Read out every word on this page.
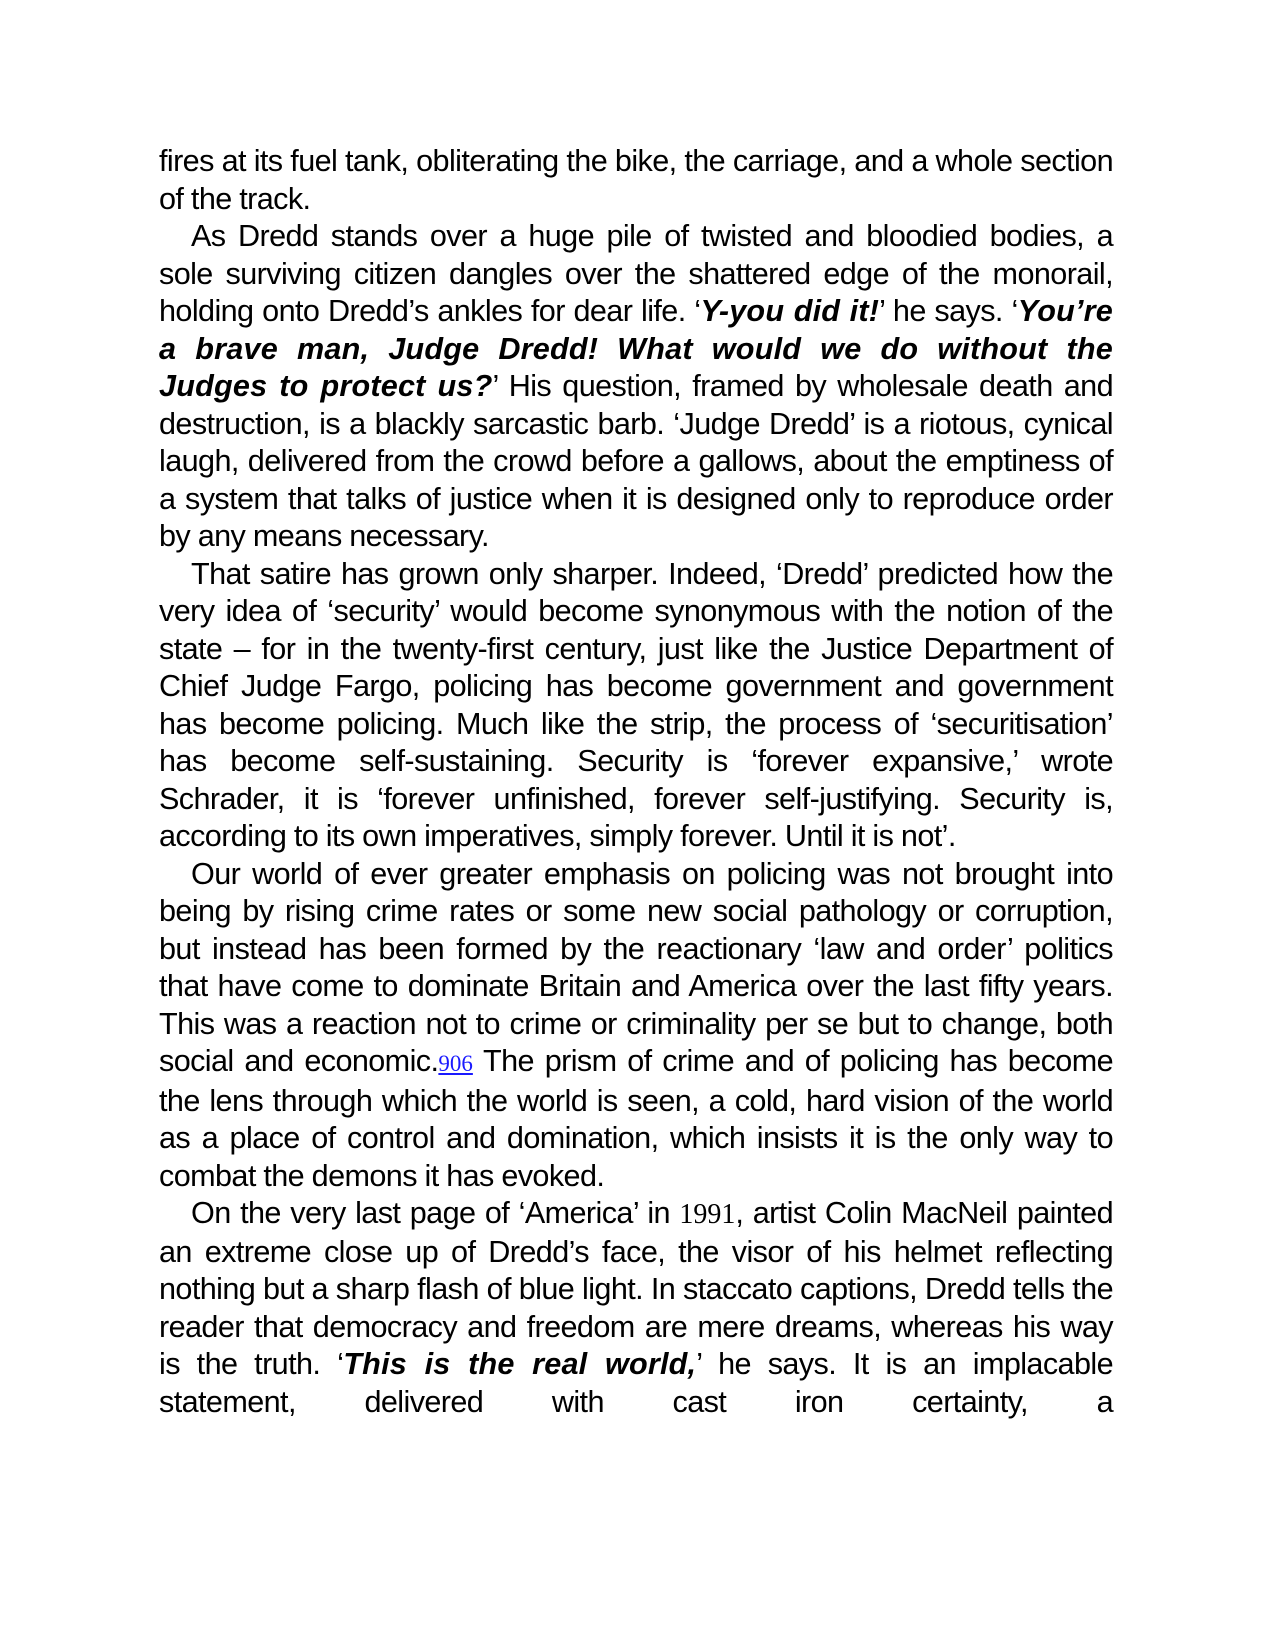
fires at its fuel tank, obliterating the bike, the carriage, and a whole section of the track.

As Dredd stands over a huge pile of twisted and bloodied bodies, a sole surviving citizen dangles over the shattered edge of the monorail, holding onto Dredd’s ankles for dear life. ‘Y-you did it!’ he says. ‘You’re a brave man, Judge Dredd! What would we do without the Judges to protect us?’ His question, framed by wholesale death and destruction, is a blackly sarcastic barb. ‘Judge Dredd’ is a riotous, cynical laugh, delivered from the crowd before a gallows, about the emptiness of a system that talks of justice when it is designed only to reproduce order by any means necessary.

That satire has grown only sharper. Indeed, ‘Dredd’ predicted how the very idea of ‘security’ would become synonymous with the notion of the state – for in the twenty-first century, just like the Justice Department of Chief Judge Fargo, policing has become government and government has become policing. Much like the strip, the process of ‘securitisation’ has become self-sustaining. Security is ‘forever expansive,’ wrote Schrader, it is ‘forever unfinished, forever self-justifying. Security is, according to its own imperatives, simply forever. Until it is not’.

Our world of ever greater emphasis on policing was not brought into being by rising crime rates or some new social pathology or corruption, but instead has been formed by the reactionary ‘law and order’ politics that have come to dominate Britain and America over the last fifty years. This was a reaction not to crime or criminality per se but to change, both social and economic.906 The prism of crime and of policing has become the lens through which the world is seen, a cold, hard vision of the world as a place of control and domination, which insists it is the only way to combat the demons it has evoked.

On the very last page of ‘America’ in 1991, artist Colin MacNeil painted an extreme close up of Dredd’s face, the visor of his helmet reflecting nothing but a sharp flash of blue light. In staccato captions, Dredd tells the reader that democracy and freedom are mere dreams, whereas his way is the truth. ‘This is the real world,’ he says. It is an implacable statement, delivered with cast iron certainty, a
